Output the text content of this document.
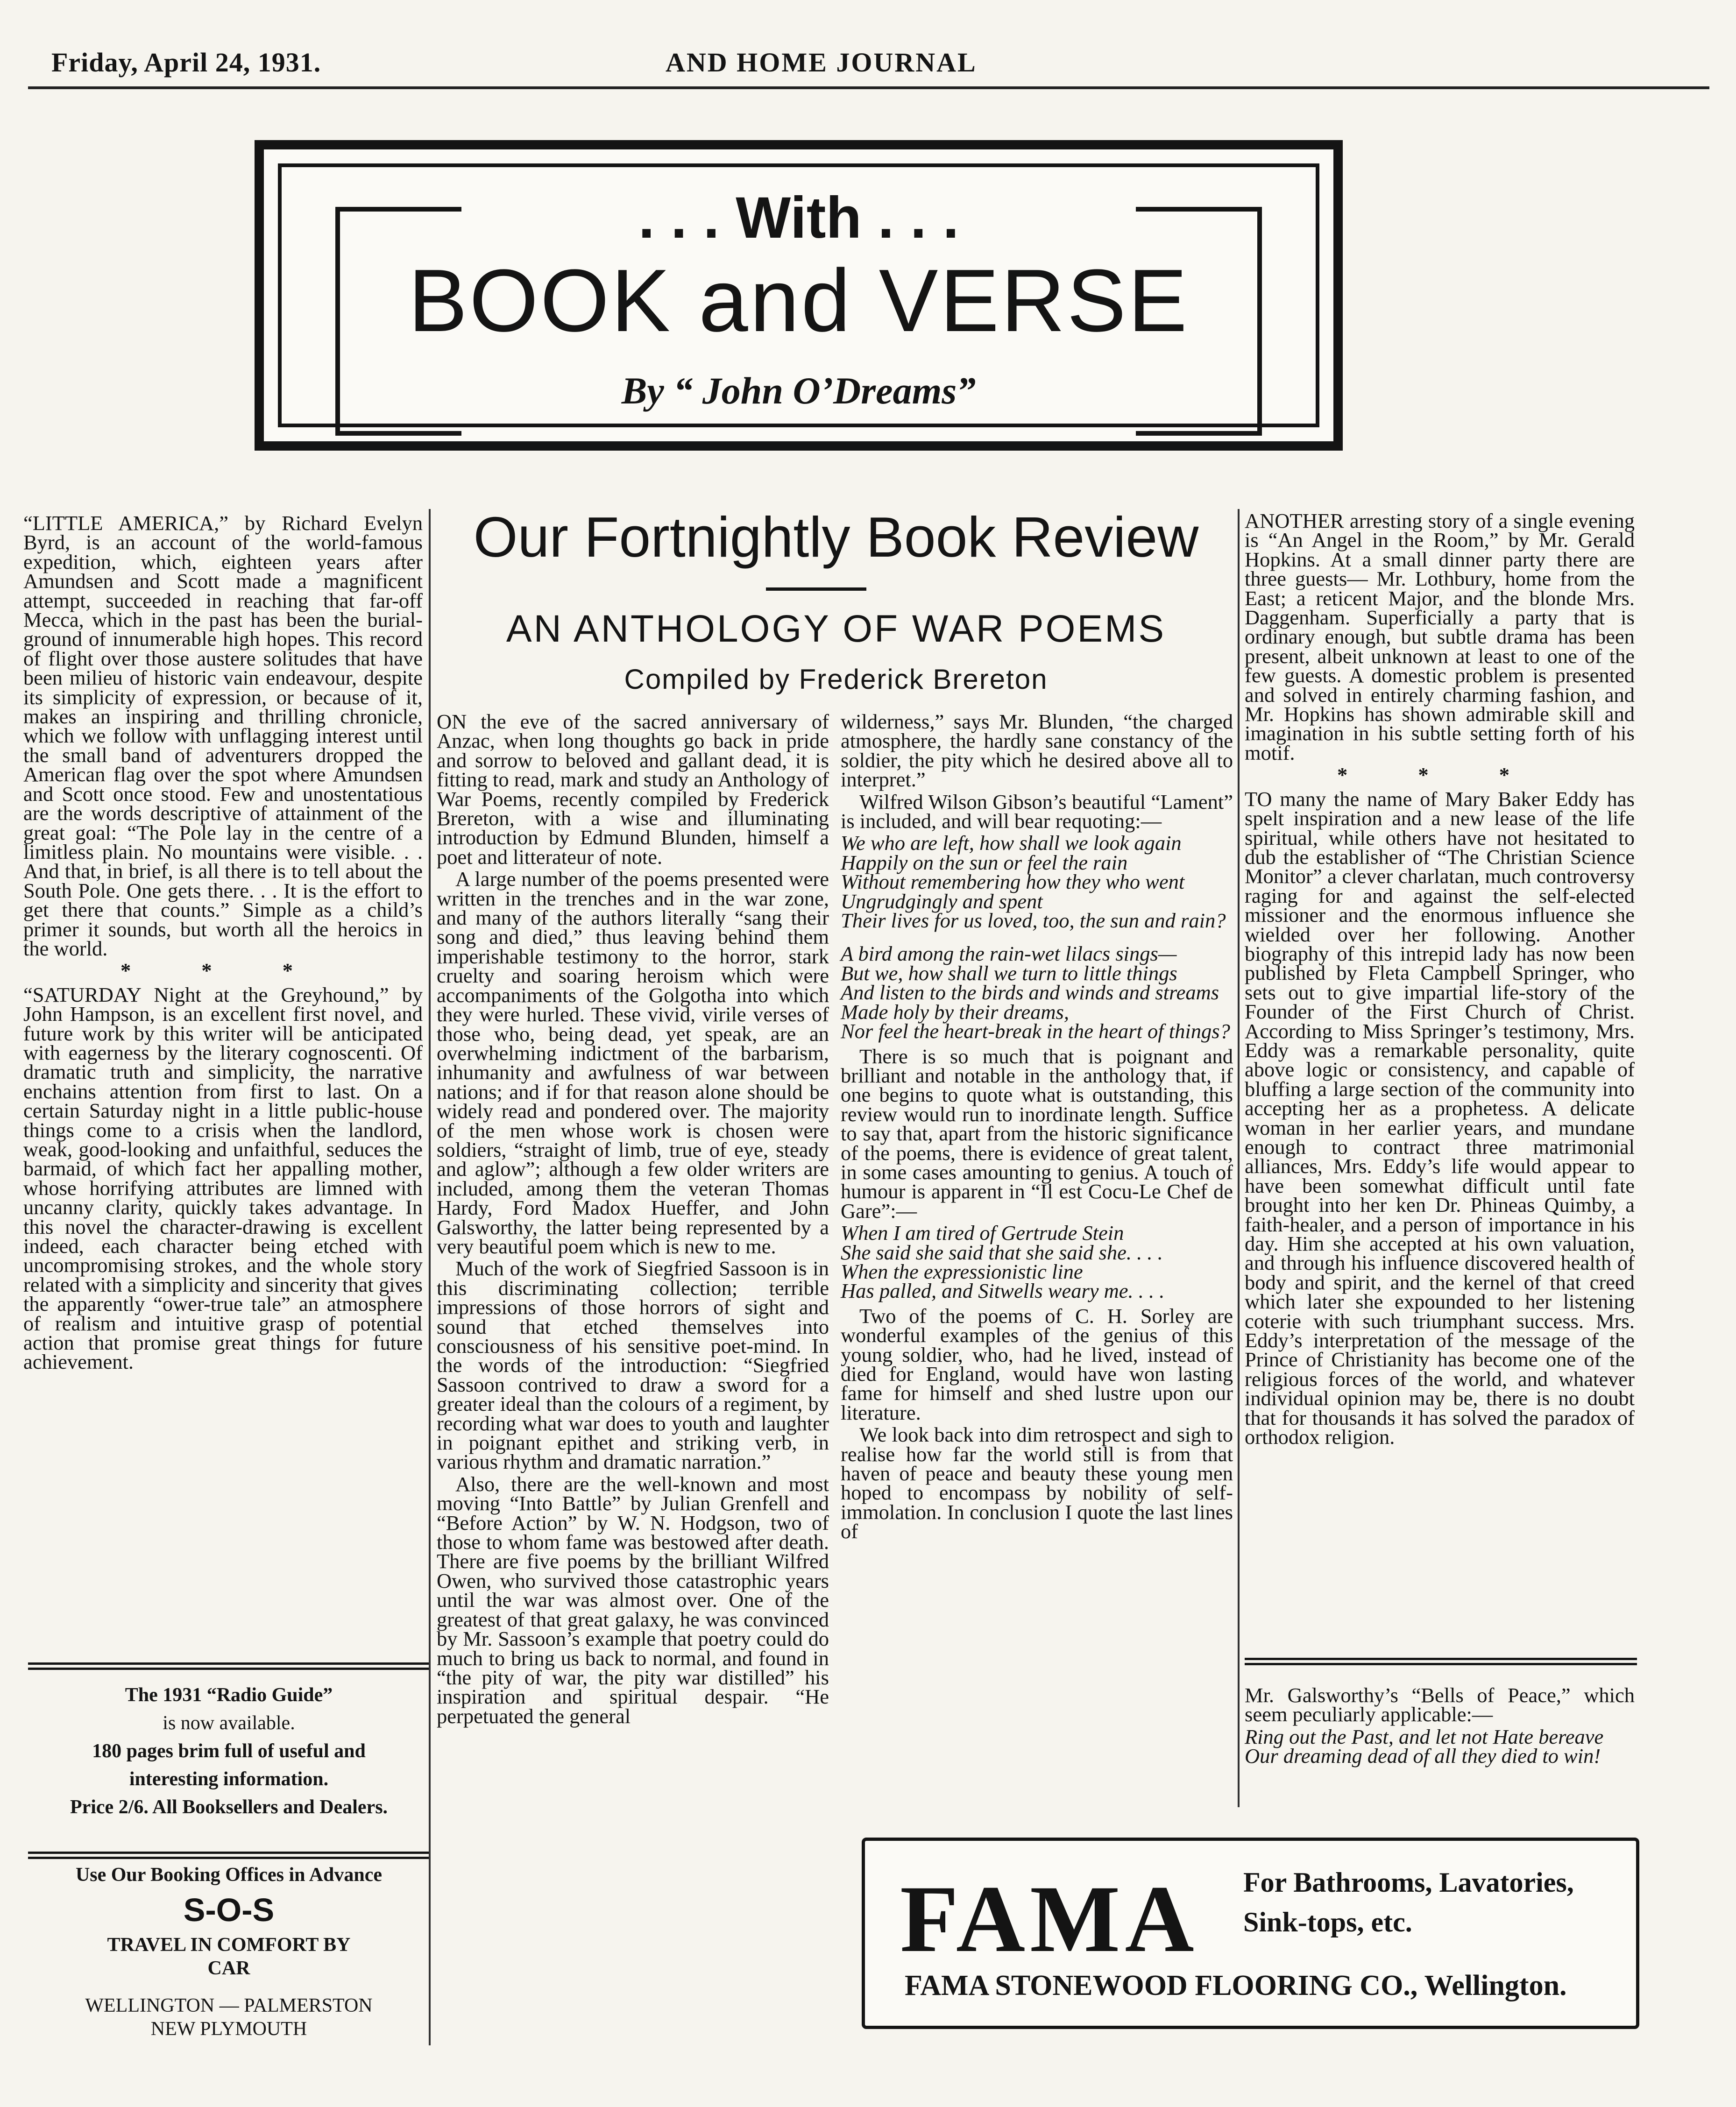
Friday, April 24, 1931.	AND HOME JOURNAL
. . . With . . .
BOOK and VERSE
By “ John O’Dreams”
Our Fortnightly Book Review
AN ANTHOLOGY OF WAR POEMS
Compiled by Frederick Brereton

“LITTLE AMERICA,” by Richard Evelyn Byrd, is an account of the world-famous expedition, which, eighteen years after Amundsen and Scott made a magnificent attempt, succeeded in reaching that far-off Mecca, which in the past has been the burial-ground of innumerable high hopes. This record of flight over those austere solitudes that have been milieu of historic vain endeavour, despite its simplicity of expression, or because of it, makes an inspiring and thrilling chronicle, which we follow with unflagging interest until the small band of adventurers dropped the American flag over the spot where Amundsen and Scott once stood. Few and unostentatious are the words descriptive of attainment of the great goal: “The Pole lay in the centre of a limitless plain. No mountains were visible. . . And that, in brief, is all there is to tell about the South Pole. One gets there. . . It is the effort to get there that counts.” Simple as a child’s primer it sounds, but worth all the heroics in the world.

* * *

“SATURDAY Night at the Greyhound,” by John Hampson, is an excellent first novel, and future work by this writer will be anticipated with eagerness by the literary cognoscenti. Of dramatic truth and simplicity, the narrative enchains attention from first to last. On a certain Saturday night in a little public-house things come to a crisis when the landlord, weak, good-looking and unfaithful, seduces the barmaid, of which fact her appalling mother, whose horrifying attributes are limned with uncanny clarity, quickly takes advantage. In this novel the character-drawing is excellent indeed, each character being etched with uncompromising strokes, and the whole story related with a simplicity and sincerity that gives the apparently “ower-true tale” an atmosphere of realism and intuitive grasp of potential action that promise great things for future achievement.

The 1931 “Radio Guide”
is now available.
180 pages brim full of useful and interesting information.
Price 2/6. All Booksellers and Dealers.
Use Our Booking Offices in Advance
S-O-S
TRAVEL IN COMFORT BY CAR
WELLINGTON — PALMERSTON
NEW PLYMOUTH

ON the eve of the sacred anniversary of Anzac, when long thoughts go back in pride and sorrow to beloved and gallant dead, it is fitting to read, mark and study an Anthology of War Poems, recently compiled by Frederick Brereton, with a wise and illuminating introduction by Edmund Blunden, himself a poet and litterateur of note.

A large number of the poems presented were written in the trenches and in the war zone, and many of the authors literally “sang their song and died,” thus leaving behind them imperishable testimony to the horror, stark cruelty and soaring heroism which were accompaniments of the Golgotha into which they were hurled. These vivid, virile verses of those who, being dead, yet speak, are an overwhelming indictment of the barbarism, inhumanity and awfulness of war between nations; and if for that reason alone should be widely read and pondered over. The majority of the men whose work is chosen were soldiers, “straight of limb, true of eye, steady and aglow”; although a few older writers are included, among them the veteran Thomas Hardy, Ford Madox Hueffer, and John Galsworthy, the latter being represented by a very beautiful poem which is new to me.

Much of the work of Siegfried Sassoon is in this discriminating collection; terrible impressions of those horrors of sight and sound that etched themselves into consciousness of his sensitive poet-mind. In the words of the introduction: “Siegfried Sassoon contrived to draw a sword for a greater ideal than the colours of a regiment, by recording what war does to youth and laughter in poignant epithet and striking verb, in various rhythm and dramatic narration.”

Also, there are the well-known and most moving “Into Battle” by Julian Grenfell and “Before Action” by W. N. Hodgson, two of those to whom fame was bestowed after death. There are five poems by the brilliant Wilfred Owen, who survived those catastrophic years until the war was almost over. One of the greatest of that great galaxy, he was convinced by Mr. Sassoon’s example that poetry could do much to bring us back to normal, and found in “the pity of war, the pity war distilled” his inspiration and spiritual despair. “He perpetuated the general

wilderness,” says Mr. Blunden, “the charged atmosphere, the hardly sane constancy of the soldier, the pity which he desired above all to interpret.”

Wilfred Wilson Gibson’s beautiful “Lament” is included, and will bear requoting:—

We who are left, how shall we look again
Happily on the sun or feel the rain
Without remembering how they who went
Ungrudgingly and spent
Their lives for us loved, too, the sun and rain?
A bird among the rain-wet lilacs sings—
But we, how shall we turn to little things
And listen to the birds and winds and streams
Made holy by their dreams,
Nor feel the heart-break in the heart of things?

There is so much that is poignant and brilliant and notable in the anthology that, if one begins to quote what is outstanding, this review would run to inordinate length. Suffice to say that, apart from the historic significance of the poems, there is evidence of great talent, in some cases amounting to genius. A touch of humour is apparent in “Il est Cocu-Le Chef de Gare”:—

When I am tired of Gertrude Stein
She said she said that she said she. . . .
When the expressionistic line
Has palled, and Sitwells weary me. . . .

Two of the poems of C. H. Sorley are wonderful examples of the genius of this young soldier, who, had he lived, instead of died for England, would have won lasting fame for himself and shed lustre upon our literature.

We look back into dim retrospect and sigh to realise how far the world still is from that haven of peace and beauty these young men hoped to encompass by nobility of self-immolation. In conclusion I quote the last lines of

ANOTHER arresting story of a single evening is “An Angel in the Room,” by Mr. Gerald Hopkins. At a small dinner party there are three guests— Mr. Lothbury, home from the East; a reticent Major, and the blonde Mrs. Daggenham. Superficially a party that is ordinary enough, but subtle drama has been present, albeit unknown at least to one of the few guests. A domestic problem is presented and solved in entirely charming fashion, and Mr. Hopkins has shown admirable skill and imagination in his subtle setting forth of his motif.

* * *

TO many the name of Mary Baker Eddy has spelt inspiration and a new lease of the life spiritual, while others have not hesitated to dub the establisher of “The Christian Science Monitor” a clever charlatan, much controversy raging for and against the self-elected missioner and the enormous influence she wielded over her following. Another biography of this intrepid lady has now been published by Fleta Campbell Springer, who sets out to give impartial life-story of the Founder of the First Church of Christ. According to Miss Springer’s testimony, Mrs. Eddy was a remarkable personality, quite above logic or consistency, and capable of bluffing a large section of the community into accepting her as a prophetess. A delicate woman in her earlier years, and mundane enough to contract three matrimonial alliances, Mrs. Eddy’s life would appear to have been somewhat difficult until fate brought into her ken Dr. Phineas Quimby, a faith-healer, and a person of importance in his day. Him she accepted at his own valuation, and through his influence discovered health of body and spirit, and the kernel of that creed which later she expounded to her listening coterie with such triumphant success. Mrs. Eddy’s interpretation of the message of the Prince of Christianity has become one of the religious forces of the world, and whatever individual opinion may be, there is no doubt that for thousands it has solved the paradox of orthodox religion.

Mr. Galsworthy’s “Bells of Peace,” which seem peculiarly applicable:—

Ring out the Past, and let not Hate bereave
Our dreaming dead of all they died to win!
FAMA For Bathrooms, Lavatories,
Sink-tops, etc.
FAMA STONEWOOD FLOORING CO., Wellington.
